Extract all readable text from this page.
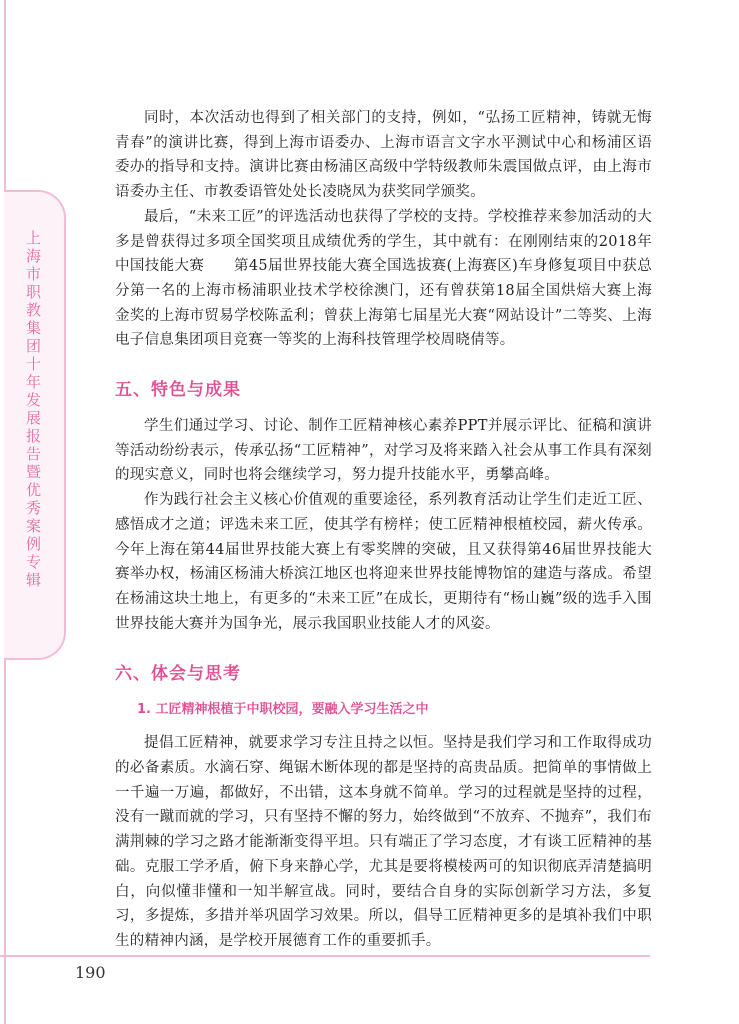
上海市职教集团十年发展报告暨优秀案例专辑

同时，本次活动也得到了相关部门的支持，例如，“弘扬工匠精神，铸就无悔青春”的演讲比赛，得到上海市语委办、上海市语言文字水平测试中心和杨浦区语委办的指导和支持。演讲比赛由杨浦区高级中学特级教师朱震国做点评，由上海市语委办主任、市教委语管处处长凌晓凤为获奖同学颁奖。

最后，“未来工匠”的评选活动也获得了学校的支持。学校推荐来参加活动的大多是曾获得过多项全国奖项且成绩优秀的学生，其中就有：在刚刚结束的2018年中国技能大赛　　第45届世界技能大赛全国选拔赛(上海赛区)车身修复项目中获总分第一名的上海市杨浦职业技术学校徐澳门，还有曾获第18届全国烘焙大赛上海金奖的上海市贸易学校陈孟利；曾获上海第七届星光大赛“网站设计”二等奖、上海电子信息集团项目竞赛一等奖的上海科技管理学校周晓倩等。

五、特色与成果

学生们通过学习、讨论、制作工匠精神核心素养PPT并展示评比、征稿和演讲等活动纷纷表示，传承弘扬“工匠精神”，对学习及将来踏入社会从事工作具有深刻的现实意义，同时也将会继续学习，努力提升技能水平，勇攀高峰。

作为践行社会主义核心价值观的重要途径，系列教育活动让学生们走近工匠、感悟成才之道；评选未来工匠，使其学有榜样；使工匠精神根植校园，薪火传承。今年上海在第44届世界技能大赛上有零奖牌的突破，且又获得第46届世界技能大赛举办权，杨浦区杨浦大桥滨江地区也将迎来世界技能博物馆的建造与落成。希望在杨浦这块土地上，有更多的“未来工匠”在成长，更期待有“杨山巍”级的选手入围世界技能大赛并为国争光，展示我国职业技能人才的风姿。

六、体会与思考
1. 工匠精神根植于中职校园，要融入学习生活之中

提倡工匠精神，就要求学习专注且持之以恒。坚持是我们学习和工作取得成功的必备素质。水滴石穿、绳锯木断体现的都是坚持的高贵品质。把简单的事情做上一千遍一万遍，都做好，不出错，这本身就不简单。学习的过程就是坚持的过程，没有一蹴而就的学习，只有坚持不懈的努力，始终做到“不放弃、不抛弃”，我们布满荆棘的学习之路才能渐渐变得平坦。只有端正了学习态度，才有谈工匠精神的基础。克服工学矛盾，俯下身来静心学，尤其是要将模棱两可的知识彻底弄清楚搞明白，向似懂非懂和一知半解宣战。同时，要结合自身的实际创新学习方法，多复习，多提炼，多措并举巩固学习效果。所以，倡导工匠精神更多的是填补我们中职生的精神内涵，是学校开展德育工作的重要抓手。

190
